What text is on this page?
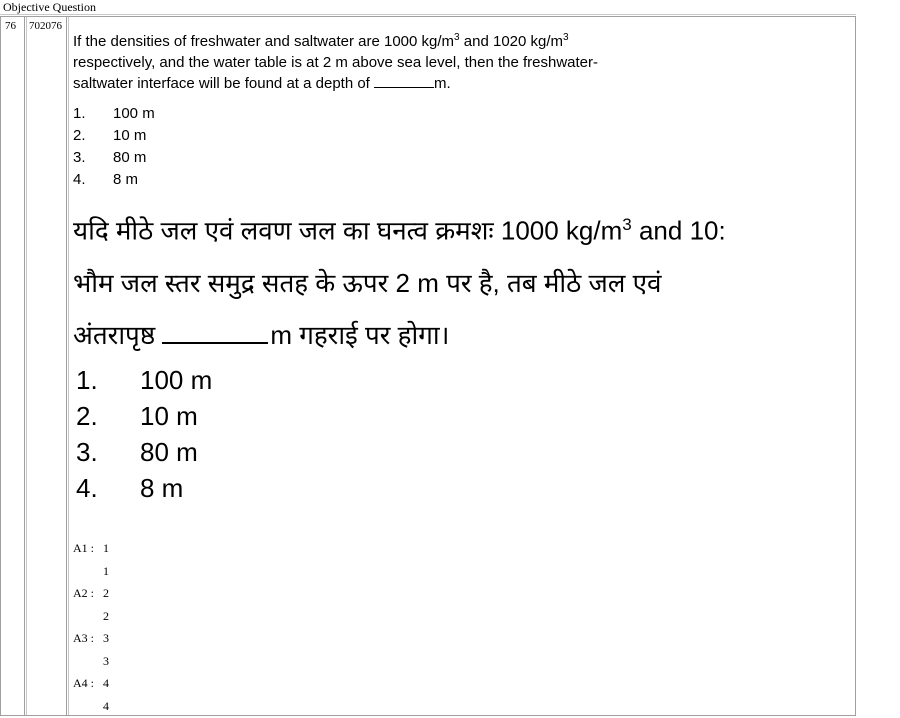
Objective Question
76 702076
If the densities of freshwater and saltwater are 1000 $kg/m^3$ and 1020 $kg/m^3$
respectively, and the water table is at 2 m above sea level, then the freshwater-
saltwater interface will be found at a depth of	m.
1.	100 m
2.	10 m
3.	80 m
4.	8 m
यदि मीठे जल एवं लवण जल का घनत्व क्रमशः 1000 $kg/m^3$ and 10:
भौम जल स्तर समुद्र सतह के ऊपर 2 m पर है, तब मीठे जल एवं
अंतरापृष्ठ	m गहराई पर होगा।
1.	100 m
2.	10 m
3.	80 m
4.	8 m
A1 : 1
1
A2 : 2
2
A3 : 3
3
A4 : 4
4
